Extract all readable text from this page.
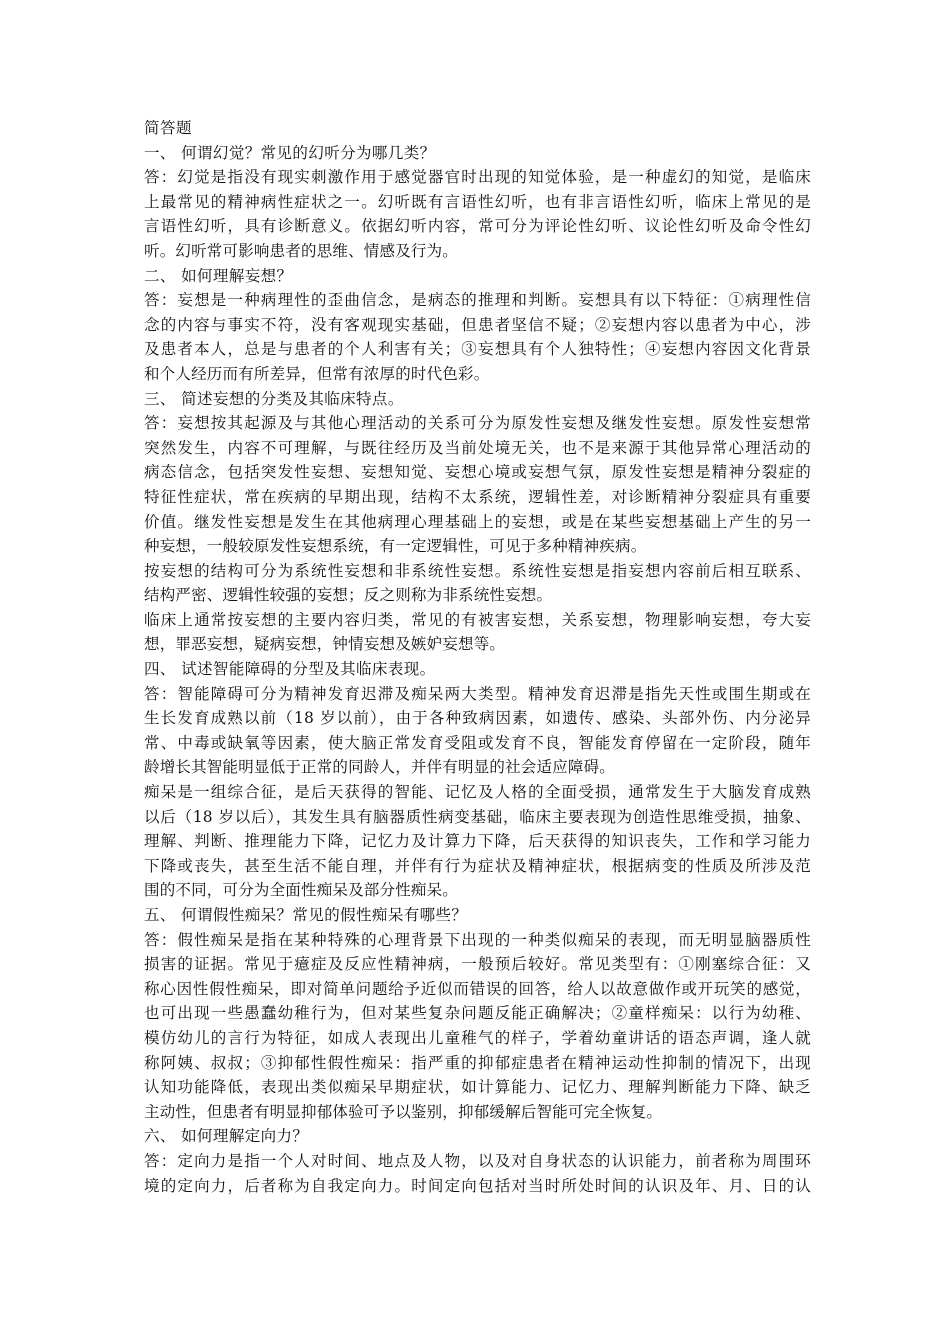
简答题
一、 何谓幻觉？常见的幻听分为哪几类？
答：幻觉是指没有现实刺激作用于感觉器官时出现的知觉体验，是一种虚幻的知觉，是临床
上最常见的精神病性症状之一。幻听既有言语性幻听，也有非言语性幻听，临床上常见的是
言语性幻听，具有诊断意义。依据幻听内容，常可分为评论性幻听、议论性幻听及命令性幻
听。幻听常可影响患者的思维、情感及行为。
二、 如何理解妄想？
答：妄想是一种病理性的歪曲信念，是病态的推理和判断。妄想具有以下特征：①病理性信
念的内容与事实不符，没有客观现实基础，但患者坚信不疑；②妄想内容以患者为中心，涉
及患者本人，总是与患者的个人利害有关；③妄想具有个人独特性；④妄想内容因文化背景
和个人经历而有所差异，但常有浓厚的时代色彩。
三、 简述妄想的分类及其临床特点。
答：妄想按其起源及与其他心理活动的关系可分为原发性妄想及继发性妄想。原发性妄想常
突然发生，内容不可理解，与既往经历及当前处境无关，也不是来源于其他异常心理活动的
病态信念，包括突发性妄想、妄想知觉、妄想心境或妄想气氛，原发性妄想是精神分裂症的
特征性症状，常在疾病的早期出现，结构不太系统，逻辑性差，对诊断精神分裂症具有重要
价值。继发性妄想是发生在其他病理心理基础上的妄想，或是在某些妄想基础上产生的另一
种妄想，一般较原发性妄想系统，有一定逻辑性，可见于多种精神疾病。
按妄想的结构可分为系统性妄想和非系统性妄想。系统性妄想是指妄想内容前后相互联系、
结构严密、逻辑性较强的妄想；反之则称为非系统性妄想。
临床上通常按妄想的主要内容归类，常见的有被害妄想，关系妄想，物理影响妄想，夸大妄
想，罪恶妄想，疑病妄想，钟情妄想及嫉妒妄想等。
四、 试述智能障碍的分型及其临床表现。
答：智能障碍可分为精神发育迟滞及痴呆两大类型。精神发育迟滞是指先天性或围生期或在
生长发育成熟以前（18 岁以前），由于各种致病因素，如遗传、感染、头部外伤、内分泌异
常、中毒或缺氧等因素，使大脑正常发育受阻或发育不良，智能发育停留在一定阶段，随年
龄增长其智能明显低于正常的同龄人，并伴有明显的社会适应障碍。
痴呆是一组综合征，是后天获得的智能、记忆及人格的全面受损，通常发生于大脑发育成熟
以后（18 岁以后），其发生具有脑器质性病变基础，临床主要表现为创造性思维受损，抽象、
理解、判断、推理能力下降，记忆力及计算力下降，后天获得的知识丧失，工作和学习能力
下降或丧失，甚至生活不能自理，并伴有行为症状及精神症状，根据病变的性质及所涉及范
围的不同，可分为全面性痴呆及部分性痴呆。
五、 何谓假性痴呆？常见的假性痴呆有哪些？
答：假性痴呆是指在某种特殊的心理背景下出现的一种类似痴呆的表现，而无明显脑器质性
损害的证据。常见于癔症及反应性精神病，一般预后较好。常见类型有：①刚塞综合征：又
称心因性假性痴呆，即对简单问题给予近似而错误的回答，给人以故意做作或开玩笑的感觉，
也可出现一些愚蠢幼稚行为，但对某些复杂问题反能正确解决；②童样痴呆：以行为幼稚、
模仿幼儿的言行为特征，如成人表现出儿童稚气的样子，学着幼童讲话的语态声调，逢人就
称阿姨、叔叔；③抑郁性假性痴呆：指严重的抑郁症患者在精神运动性抑制的情况下，出现
认知功能降低，表现出类似痴呆早期症状，如计算能力、记忆力、理解判断能力下降、缺乏
主动性，但患者有明显抑郁体验可予以鉴别，抑郁缓解后智能可完全恢复。
六、 如何理解定向力？
答：定向力是指一个人对时间、地点及人物，以及对自身状态的认识能力，前者称为周围环
境的定向力，后者称为自我定向力。时间定向包括对当时所处时间的认识及年、月、日的认
